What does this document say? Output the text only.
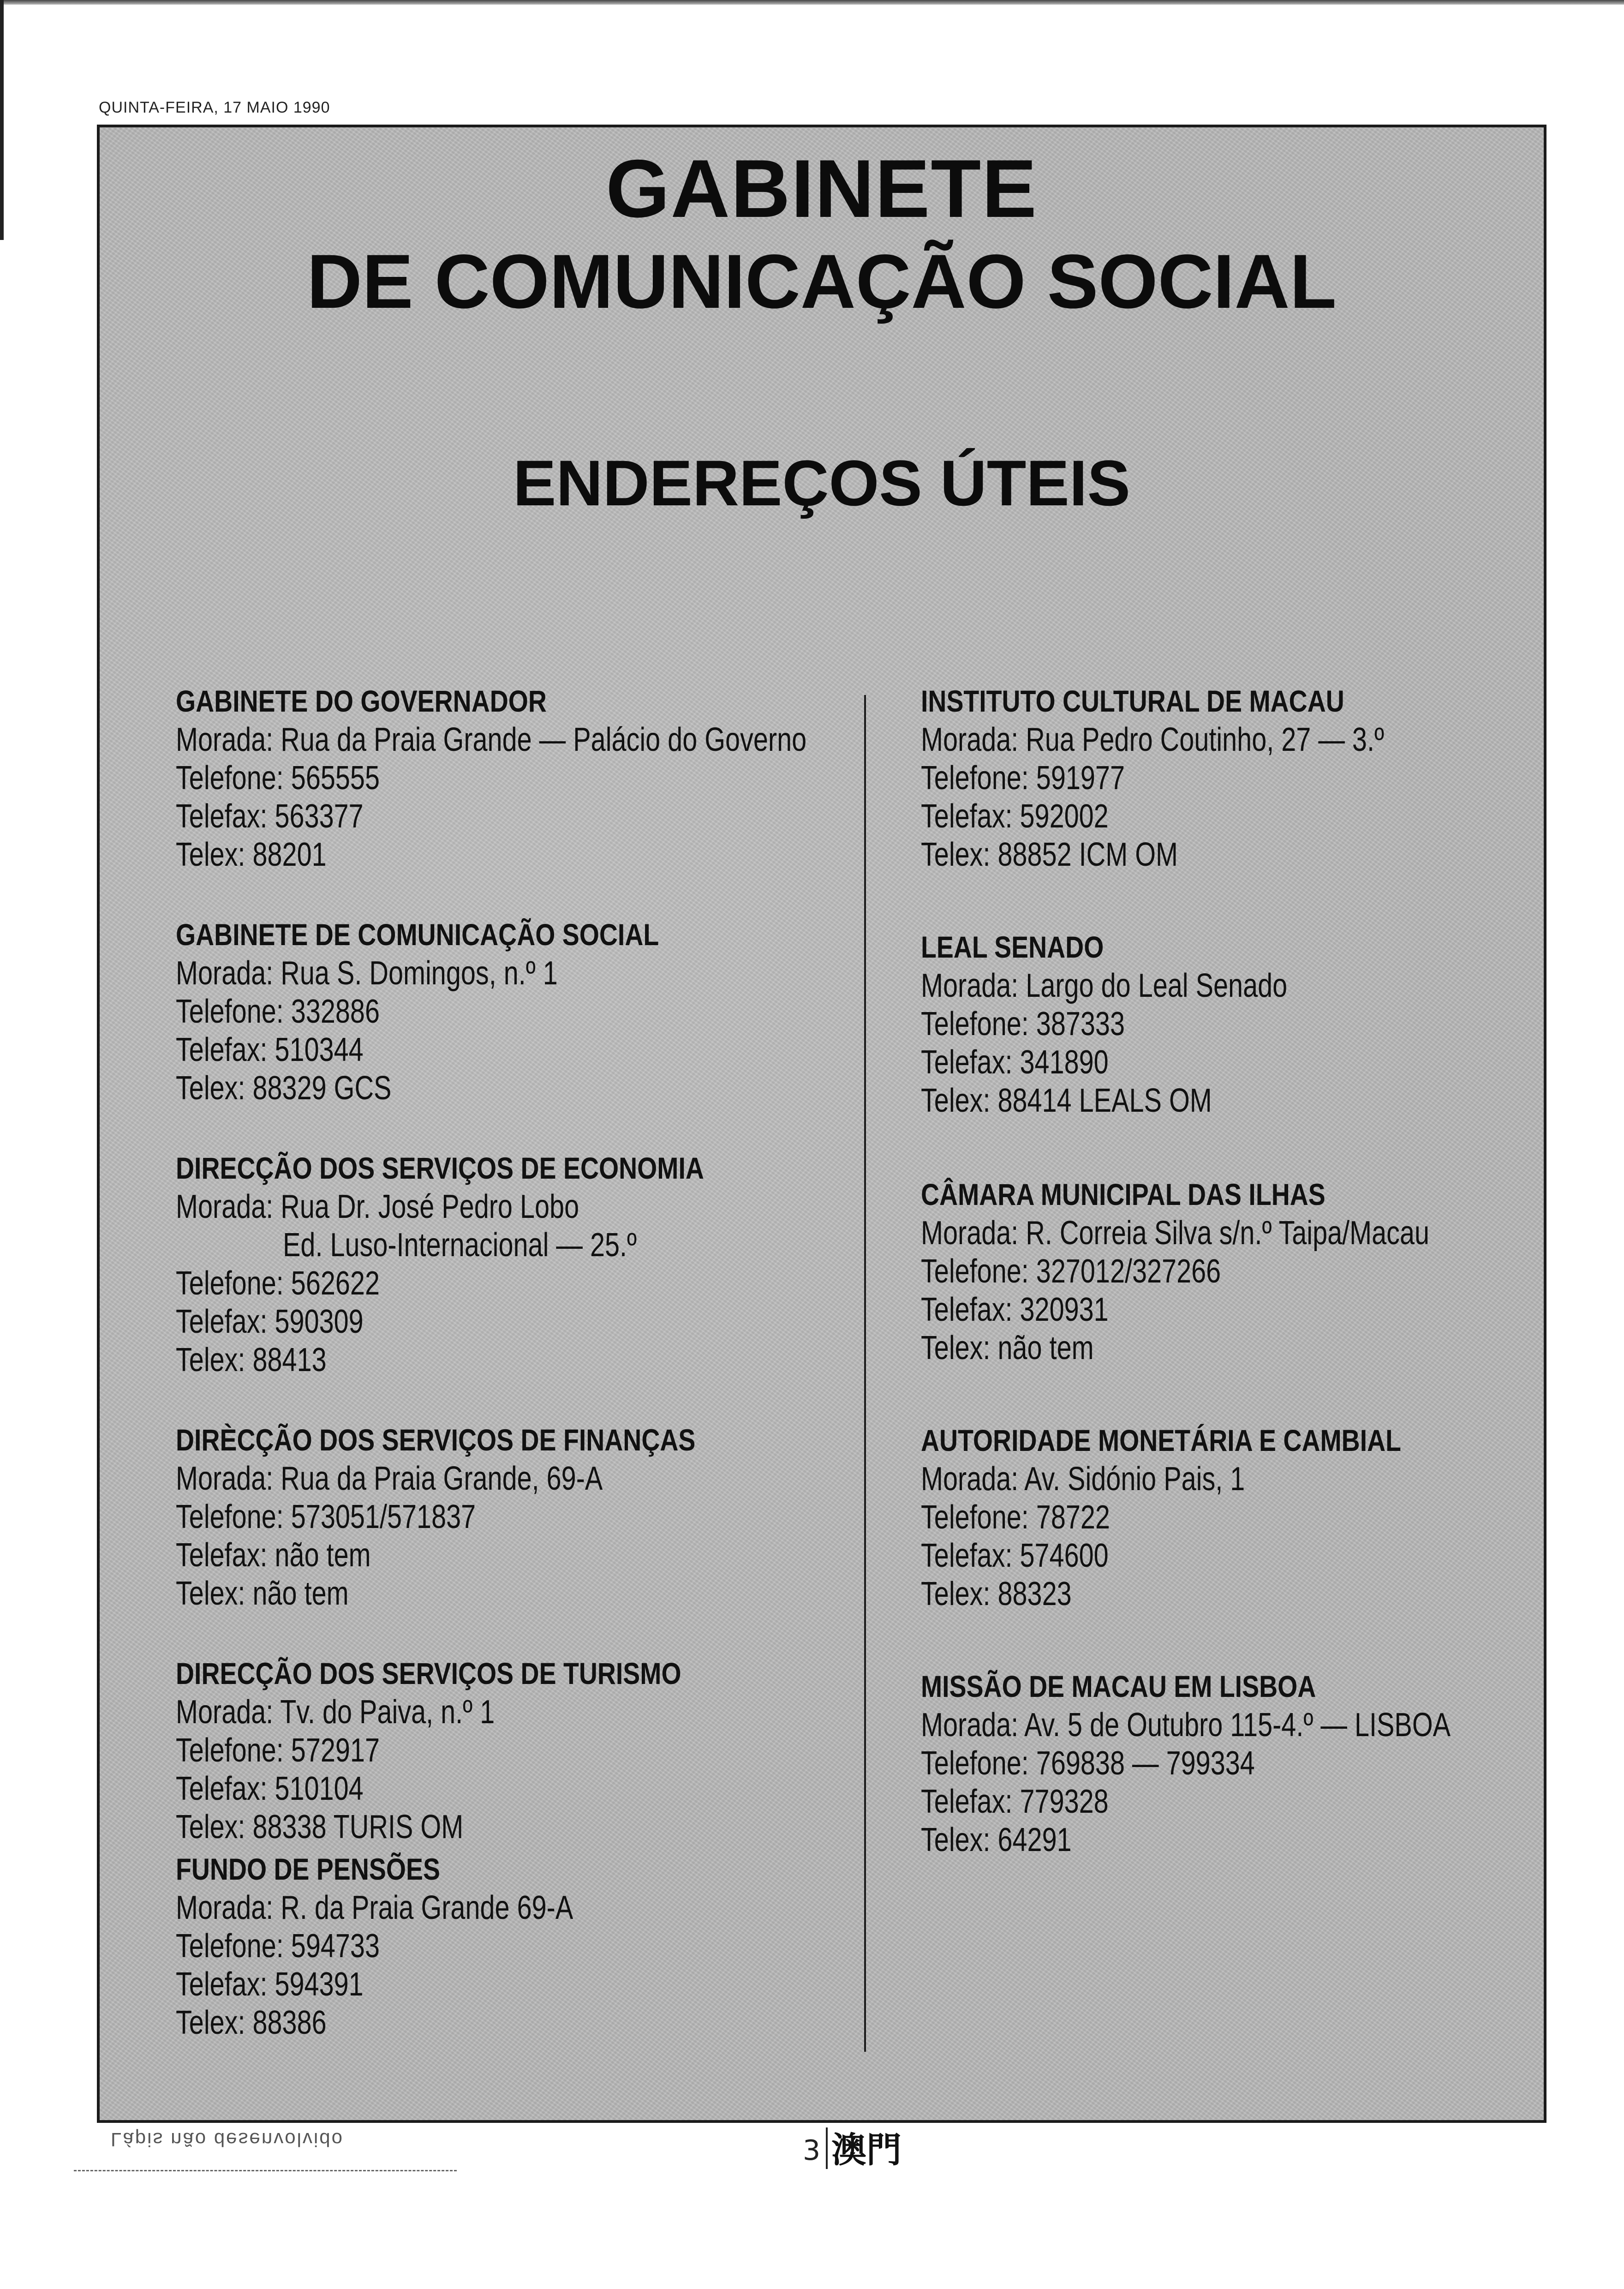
QUINTA-FEIRA, 17 MAIO 1990
GABINETE
DE COMUNICAÇÃO SOCIAL
ENDEREÇOS ÚTEIS
GABINETE DO GOVERNADOR
Morada: Rua da Praia Grande — Palácio do Governo
Telefone: 565555
Telefax: 563377
Telex: 88201
GABINETE DE COMUNICAÇÃO SOCIAL
Morada: Rua S. Domingos, n.º 1
Telefone: 332886
Telefax: 510344
Telex: 88329 GCS
DIRECÇÃO DOS SERVIÇOS DE ECONOMIA
Morada: Rua Dr. José Pedro Lobo
Ed. Luso-Internacional — 25.º
Telefone: 562622
Telefax: 590309
Telex: 88413
DIRÈCÇÃO DOS SERVIÇOS DE FINANÇAS
Morada: Rua da Praia Grande, 69-A
Telefone: 573051/571837
Telefax: não tem
Telex: não tem
DIRECÇÃO DOS SERVIÇOS DE TURISMO
Morada: Tv. do Paiva, n.º 1
Telefone: 572917
Telefax: 510104
Telex: 88338 TURIS OM
FUNDO DE PENSÕES
Morada: R. da Praia Grande 69-A
Telefone: 594733
Telefax: 594391
Telex: 88386
INSTITUTO CULTURAL DE MACAU
Morada: Rua Pedro Coutinho, 27 — 3.º
Telefone: 591977
Telefax: 592002
Telex: 88852 ICM OM
LEAL SENADO
Morada: Largo do Leal Senado
Telefone: 387333
Telefax: 341890
Telex: 88414 LEALS OM
CÂMARA MUNICIPAL DAS ILHAS
Morada: R. Correia Silva s/n.º Taipa/Macau
Telefone: 327012/327266
Telefax: 320931
Telex: não tem
AUTORIDADE MONETÁRIA E CAMBIAL
Morada: Av. Sidónio Pais, 1
Telefone: 78722
Telefax: 574600
Telex: 88323
MISSÃO DE MACAU EM LISBOA
Morada: Av. 5 de Outubro 115-4.º — LISBOA
Telefone: 769838 — 799334
Telefax: 779328
Telex: 64291
Lápis não desenvolvido	3 澳門
